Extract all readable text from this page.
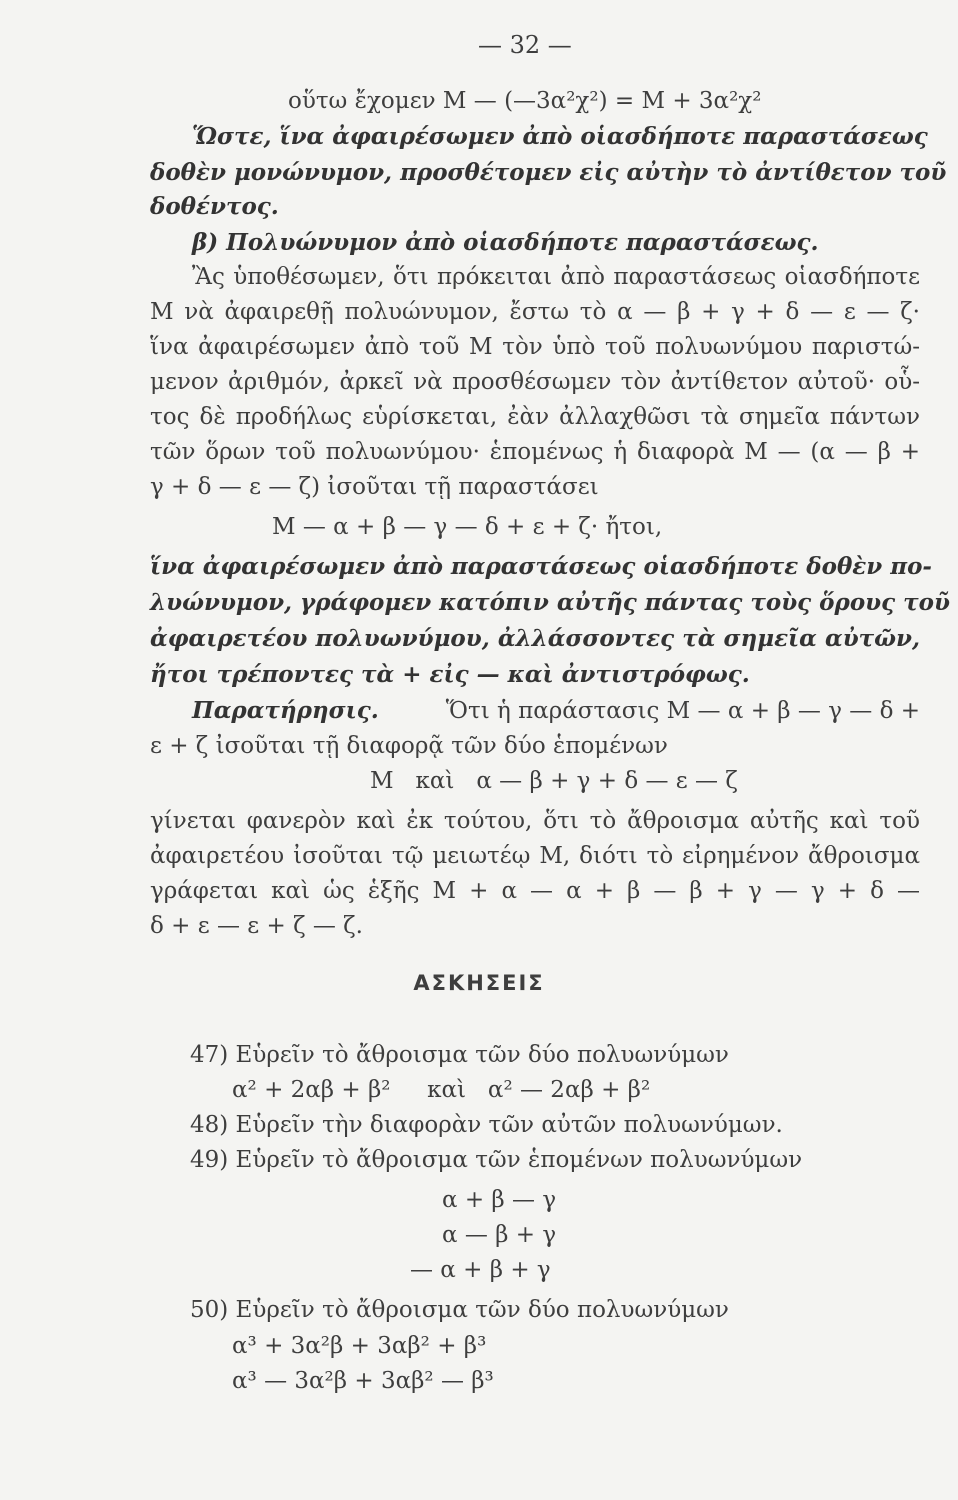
— 32 —
οὕτω ἔχομεν Μ — (—3α²χ²) = Μ + 3α²χ²
Ὥστε, ἵνα ἀφαιρέσωμεν ἀπὸ οἱασδήποτε παραστάσεως
δοθὲν μονώνυμον, προσθέτομεν εἰς αὐτὴν τὸ ἀντίθετον τοῦ
δοθέντος.
β) Πολυώνυμον ἀπὸ οἱασδήποτε παραστάσεως.
Ἂς ὑποθέσωμεν, ὅτι πρόκειται ἀπὸ παραστάσεως οἱασδήποτε
Μ νὰ ἀφαιρεθῇ πολυώνυμον, ἔστω τὸ α — β + γ + δ — ε — ζ·
ἵνα ἀφαιρέσωμεν ἀπὸ τοῦ Μ τὸν ὑπὸ τοῦ πολυωνύμου παριστώ-
μενον ἀριθμόν, ἀρκεῖ νὰ προσθέσωμεν τὸν ἀντίθετον αὐτοῦ· οὗ-
τος δὲ προδήλως εὑρίσκεται, ἐὰν ἀλλαχθῶσι τὰ σημεῖα πάντων
τῶν ὅρων τοῦ πολυωνύμου· ἑπομένως ἡ διαφορὰ Μ — (α — β +
γ + δ — ε — ζ) ἰσοῦται τῇ παραστάσει
Μ — α + β — γ — δ + ε + ζ· ἤτοι,
ἵνα ἀφαιρέσωμεν ἀπὸ παραστάσεως οἱασδήποτε δοθὲν πο-
λυώνυμον, γράφομεν κατόπιν αὐτῆς πάντας τοὺς ὅρους τοῦ
ἀφαιρετέου πολυωνύμου, ἀλλάσσοντες τὰ σημεῖα αὐτῶν,
ἤτοι τρέποντες τὰ + εἰς — καὶ ἀντιστρόφως.
Παρατήρησις.	Ὅτι ἡ παράστασις Μ — α + β — γ — δ +
ε + ζ ἰσοῦται τῇ διαφορᾷ τῶν δύο ἑπομένων
Μ   καὶ   α — β + γ + δ — ε — ζ
γίνεται φανερὸν καὶ ἐκ τούτου, ὅτι τὸ ἄθροισμα αὐτῆς καὶ τοῦ
ἀφαιρετέου ἰσοῦται τῷ μειωτέῳ Μ, διότι τὸ εἰρημένον ἄθροισμα
γράφεται καὶ ὡς ἑξῆς Μ + α — α + β — β + γ — γ + δ —
δ + ε — ε + ζ — ζ.
ΑΣΚΗΣΕΙΣ
47) Εὑρεῖν τὸ ἄθροισμα τῶν δύο πολυωνύμων
α² + 2αβ + β²     καὶ   α² — 2αβ + β²
48) Εὑρεῖν τὴν διαφορὰν τῶν αὐτῶν πολυωνύμων.
49) Εὑρεῖν τὸ ἄθροισμα τῶν ἑπομένων πολυωνύμων
α + β — γ
α — β + γ
— α + β + γ
50) Εὑρεῖν τὸ ἄθροισμα τῶν δύο πολυωνύμων
α³ + 3α²β + 3αβ² + β³
α³ — 3α²β + 3αβ² — β³
